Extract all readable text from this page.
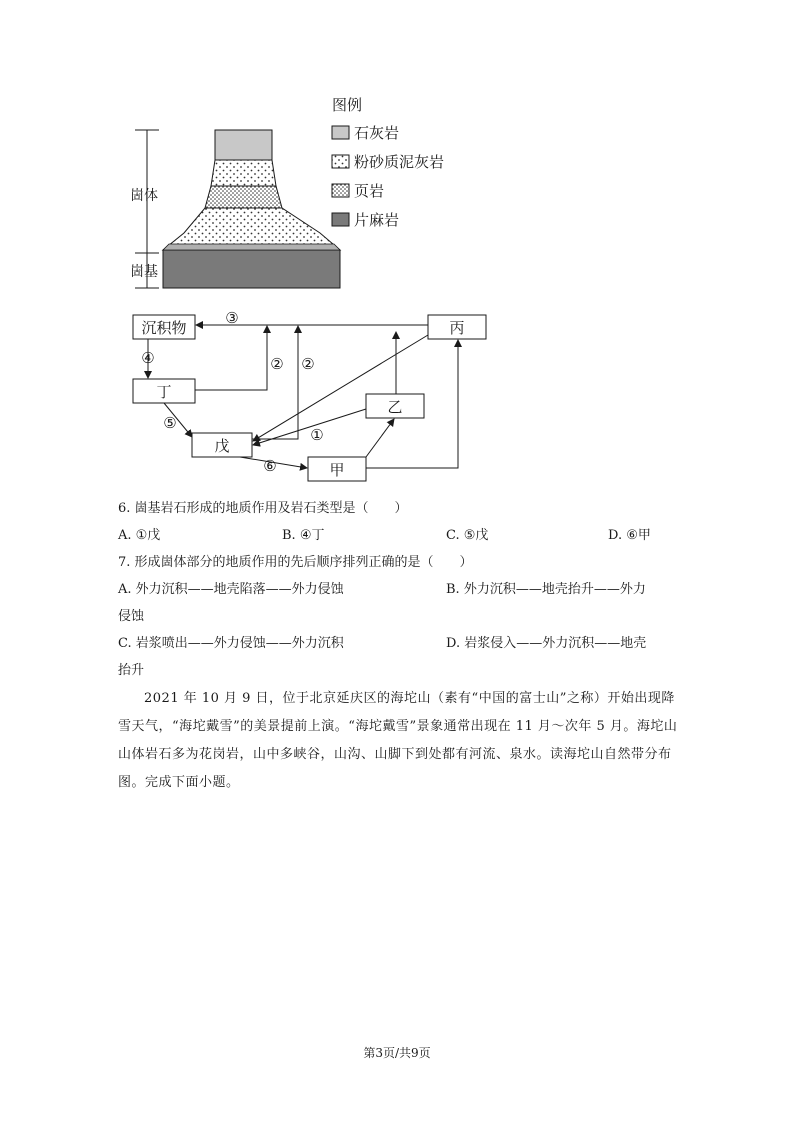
崮体
崮基
图例
石灰岩
粉砂质泥灰岩
页岩
片麻岩
沉积物	丙
丁
乙
戊
甲
③
④	② ②
⑤
①
⑥
6. 崮基岩石形成的地质作用及岩石类型是（　　）
A. ①戊	B. ④丁	C. ⑤戊	D. ⑥甲
7. 形成崮体部分的地质作用的先后顺序排列正确的是（　　）
A. 外力沉积——地壳陷落——外力侵蚀	B. 外力沉积——地壳抬升——外力
侵蚀
C. 岩浆喷出——外力侵蚀——外力沉积	D. 岩浆侵入——外力沉积——地壳
抬升
2021 年 10 月 9 日，位于北京延庆区的海坨山（素有“中国的富士山”之称）开始出现降雪天气，“海坨戴雪”的美景提前上演。“海坨戴雪”景象通常出现在 11 月～次年 5 月。海坨山山体岩石多为花岗岩，山中多峡谷，山沟、山脚下到处都有河流、泉水。读海坨山自然带分布图。完成下面小题。
第3页/共9页
